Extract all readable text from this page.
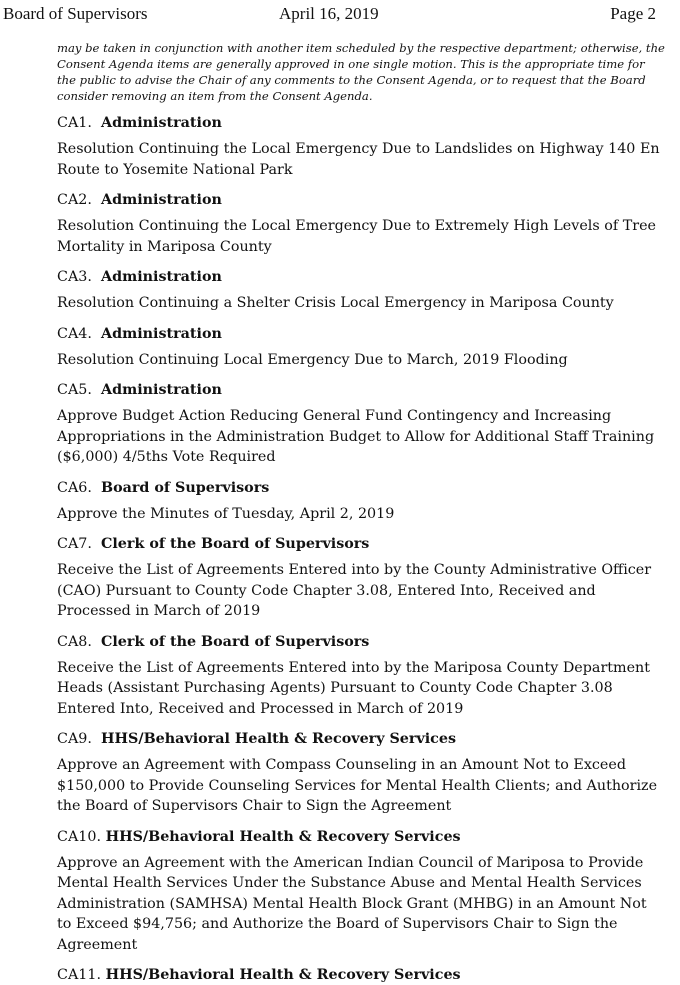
Board of Supervisors	April 16, 2019	Page 2

may be taken in conjunction with another item scheduled by the respective department; otherwise, the Consent Agenda items are generally approved in one single motion. This is the appropriate time for the public to advise the Chair of any comments to the Consent Agenda, or to request that the Board consider removing an item from the Consent Agenda.

CA1. Administration

Resolution Continuing the Local Emergency Due to Landslides on Highway 140 En Route to Yosemite National Park

CA2. Administration

Resolution Continuing the Local Emergency Due to Extremely High Levels of Tree Mortality in Mariposa County

CA3. Administration

Resolution Continuing a Shelter Crisis Local Emergency in Mariposa County

CA4. Administration

Resolution Continuing Local Emergency Due to March, 2019 Flooding

CA5. Administration

Approve Budget Action Reducing General Fund Contingency and Increasing Appropriations in the Administration Budget to Allow for Additional Staff Training ($6,000) 4/5ths Vote Required

CA6. Board of Supervisors

Approve the Minutes of Tuesday, April 2, 2019

CA7. Clerk of the Board of Supervisors

Receive the List of Agreements Entered into by the County Administrative Officer (CAO) Pursuant to County Code Chapter 3.08, Entered Into, Received and Processed in March of 2019

CA8. Clerk of the Board of Supervisors

Receive the List of Agreements Entered into by the Mariposa County Department Heads (Assistant Purchasing Agents) Pursuant to County Code Chapter 3.08 Entered Into, Received and Processed in March of 2019

CA9. HHS/Behavioral Health & Recovery Services

Approve an Agreement with Compass Counseling in an Amount Not to Exceed $150,000 to Provide Counseling Services for Mental Health Clients; and Authorize the Board of Supervisors Chair to Sign the Agreement

CA10. HHS/Behavioral Health & Recovery Services

Approve an Agreement with the American Indian Council of Mariposa to Provide Mental Health Services Under the Substance Abuse and Mental Health Services Administration (SAMHSA) Mental Health Block Grant (MHBG) in an Amount Not to Exceed $94,756; and Authorize the Board of Supervisors Chair to Sign the Agreement

CA11. HHS/Behavioral Health & Recovery Services
